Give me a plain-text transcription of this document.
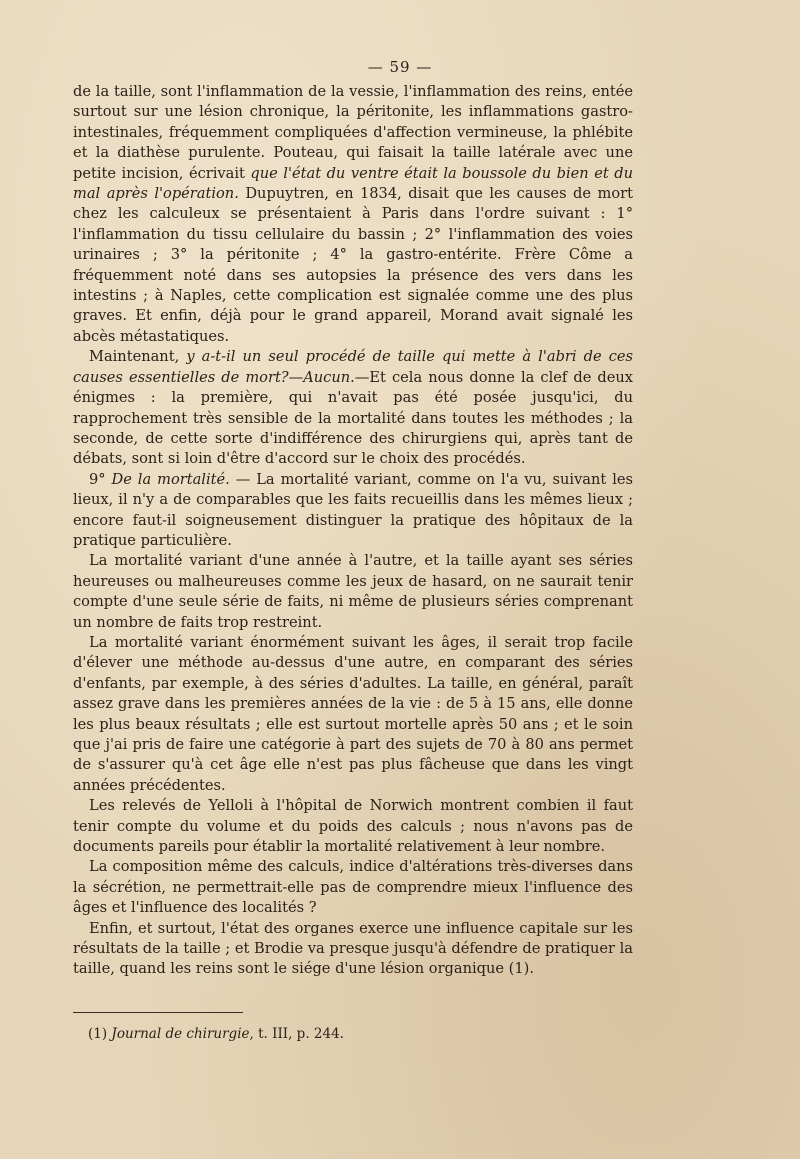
— 59 —

de la taille, sont l'inflammation de la vessie, l'inflammation des reins, entée surtout sur une lésion chronique, la péritonite, les inflammations gastro-intestinales, fréquemment compliquées d'affection vermineuse, la phlébite et la diathèse purulente. Pouteau, qui faisait la taille latérale avec une petite incision, écrivait que l'état du ventre était la boussole du bien et du mal après l'opération. Dupuytren, en 1834, disait que les causes de mort chez les calculeux se présentaient à Paris dans l'ordre suivant : 1° l'inflammation du tissu cellulaire du bassin ; 2° l'inflammation des voies urinaires ; 3° la péritonite ; 4° la gastro-entérite. Frère Côme a fréquemment noté dans ses autopsies la présence des vers dans les intestins ; à Naples, cette complication est signalée comme une des plus graves. Et enfin, déjà pour le grand appareil, Morand avait signalé les abcès métastatiques.

Maintenant, y a-t-il un seul procédé de taille qui mette à l'abri de ces causes essentielles de mort?—Aucun.—Et cela nous donne la clef de deux énigmes : la première, qui n'avait pas été posée jusqu'ici, du rapprochement très sensible de la mortalité dans toutes les méthodes ; la seconde, de cette sorte d'indifférence des chirurgiens qui, après tant de débats, sont si loin d'être d'accord sur le choix des procédés.

9° De la mortalité. — La mortalité variant, comme on l'a vu, suivant les lieux, il n'y a de comparables que les faits recueillis dans les mêmes lieux ; encore faut-il soigneusement distinguer la pratique des hôpitaux de la pratique particulière.

La mortalité variant d'une année à l'autre, et la taille ayant ses séries heureuses ou malheureuses comme les jeux de hasard, on ne saurait tenir compte d'une seule série de faits, ni même de plusieurs séries comprenant un nombre de faits trop restreint.

La mortalité variant énormément suivant les âges, il serait trop facile d'élever une méthode au-dessus d'une autre, en comparant des séries d'enfants, par exemple, à des séries d'adultes. La taille, en général, paraît assez grave dans les premières années de la vie : de 5 à 15 ans, elle donne les plus beaux résultats ; elle est surtout mortelle après 50 ans ; et le soin que j'ai pris de faire une catégorie à part des sujets de 70 à 80 ans permet de s'assurer qu'à cet âge elle n'est pas plus fâcheuse que dans les vingt années précédentes.

Les relevés de Yelloli à l'hôpital de Norwich montrent combien il faut tenir compte du volume et du poids des calculs ; nous n'avons pas de documents pareils pour établir la mortalité relativement à leur nombre.

La composition même des calculs, indice d'altérations très-diverses dans la sécrétion, ne permettrait-elle pas de comprendre mieux l'influence des âges et l'influence des localités ?

Enfin, et surtout, l'état des organes exerce une influence capitale sur les résultats de la taille ; et Brodie va presque jusqu'à défendre de pratiquer la taille, quand les reins sont le siége d'une lésion organique (1).

(1) Journal de chirurgie, t. III, p. 244.
